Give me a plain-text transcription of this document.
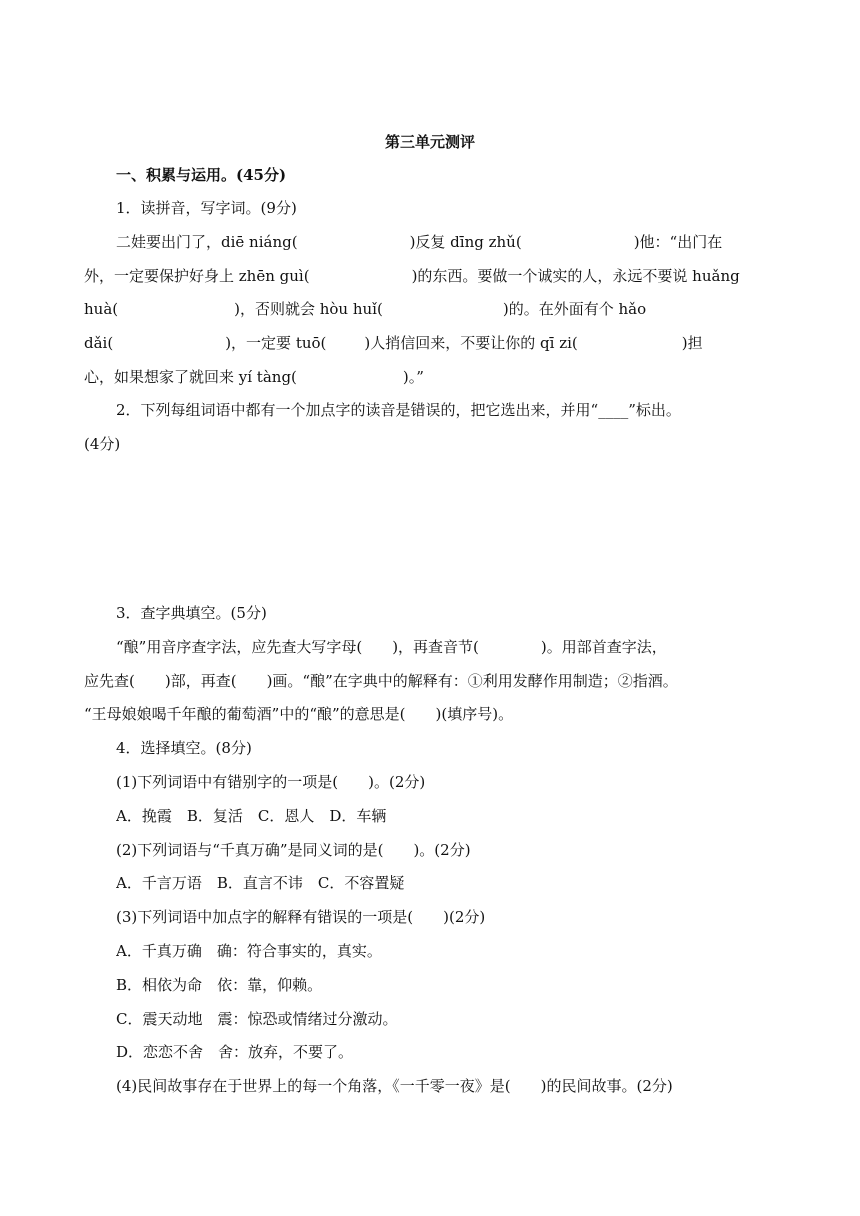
第三单元测评
一、积累与运用。(45分)
1．读拼音，写字词。(9分)
二娃要出门了，diē niáng(	)反复 dīng zhǔ(	)他：“出门在
外，一定要保护好身上 zhēn guì(	)的东西。要做一个诚实的人，永远不要说 huǎng
huà(	)，否则就会 hòu huǐ(	)的。在外面有个 hǎo
dǎi(	)，一定要 tuō(	)人捎信回来，不要让你的 qī zi(	)担
心，如果想家了就回来 yí tàng(	)。”
2．下列每组词语中都有一个加点字的读音是错误的，把它选出来，并用“____”标出。
(4分)
3．查字典填空。(5分)
“酿”用音序查字法，应先查大写字母( )，再查音节(	)。用部首查字法，
应先查( )部，再查( )画。“酿”在字典中的解释有：①利用发酵作用制造；②指酒。
“王母娘娘喝千年酿的葡萄酒”中的“酿”的意思是( )(填序号)。
4．选择填空。(8分)
(1)下列词语中有错别字的一项是( )。(2分)
A．挽霞　B．复活　C．恩人　D．车辆
(2)下列词语与“千真万确”是同义词的是( )。(2分)
A．千言万语　B．直言不讳　C．不容置疑
(3)下列词语中加点字的解释有错误的一项是( )(2分)
A．千真万确　确：符合事实的，真实。
B．相依为命　依：靠，仰赖。
C．震天动地　震：惊恐或情绪过分激动。
D．恋恋不舍　舍：放弃，不要了。
(4)民间故事存在于世界上的每一个角落，《一千零一夜》是( )的民间故事。(2分)
